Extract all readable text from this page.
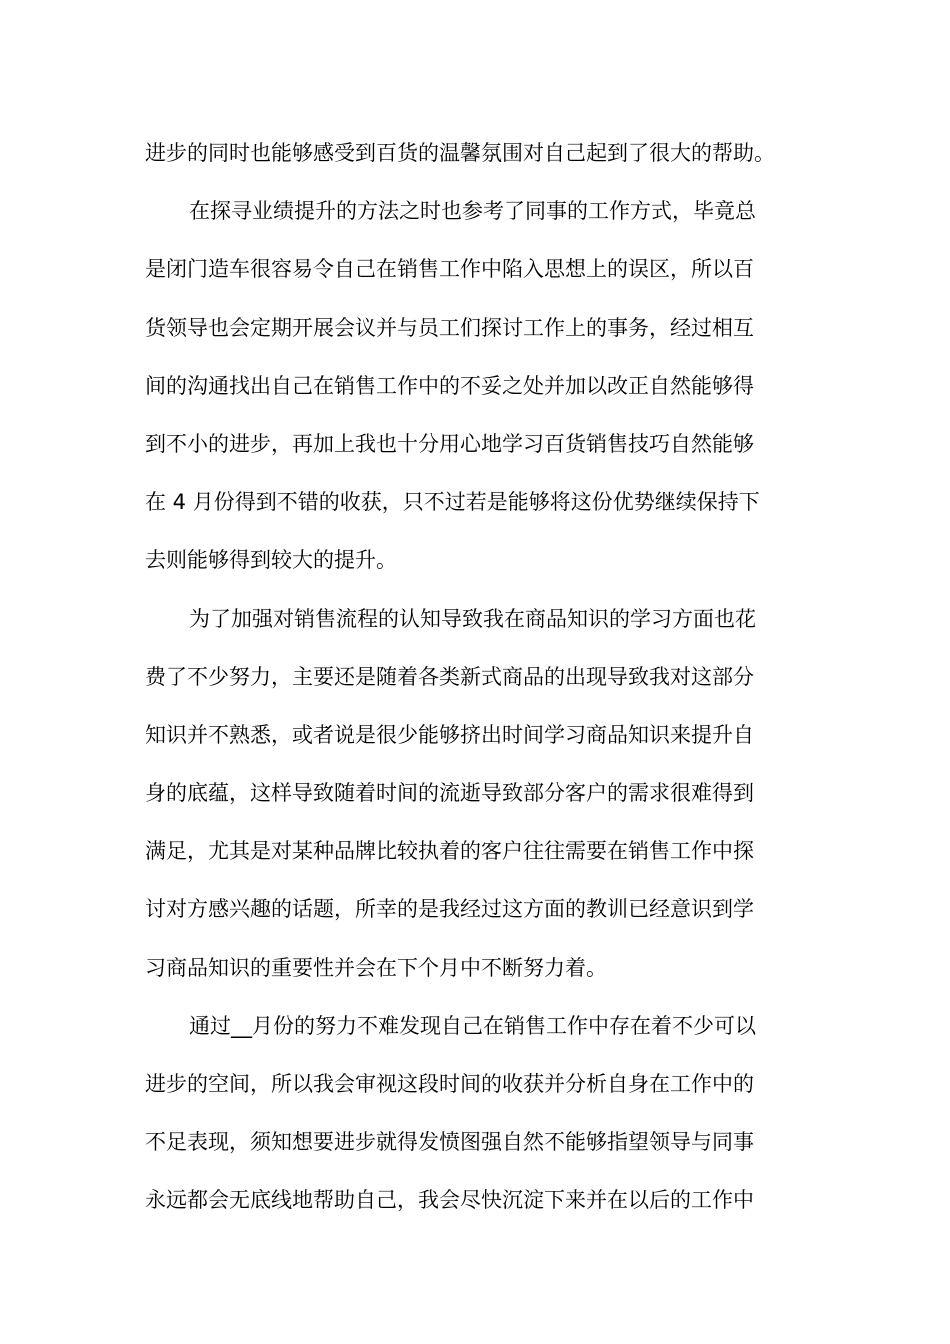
进步的同时也能够感受到百货的温馨氛围对自己起到了很大的帮助。
在探寻业绩提升的方法之时也参考了同事的工作方式，毕竟总
是闭门造车很容易令自己在销售工作中陷入思想上的误区，所以百
货领导也会定期开展会议并与员工们探讨工作上的事务，经过相互
间的沟通找出自己在销售工作中的不妥之处并加以改正自然能够得
到不小的进步，再加上我也十分用心地学习百货销售技巧自然能够
在 4 月份得到不错的收获，只不过若是能够将这份优势继续保持下
去则能够得到较大的提升。
为了加强对销售流程的认知导致我在商品知识的学习方面也花
费了不少努力，主要还是随着各类新式商品的出现导致我对这部分
知识并不熟悉，或者说是很少能够挤出时间学习商品知识来提升自
身的底蕴，这样导致随着时间的流逝导致部分客户的需求很难得到
满足，尤其是对某种品牌比较执着的客户往往需要在销售工作中探
讨对方感兴趣的话题，所幸的是我经过这方面的教训已经意识到学
习商品知识的重要性并会在下个月中不断努力着。
通过__月份的努力不难发现自己在销售工作中存在着不少可以
进步的空间，所以我会审视这段时间的收获并分析自身在工作中的
不足表现，须知想要进步就得发愤图强自然不能够指望领导与同事
永远都会无底线地帮助自己，我会尽快沉淀下来并在以后的工作中
